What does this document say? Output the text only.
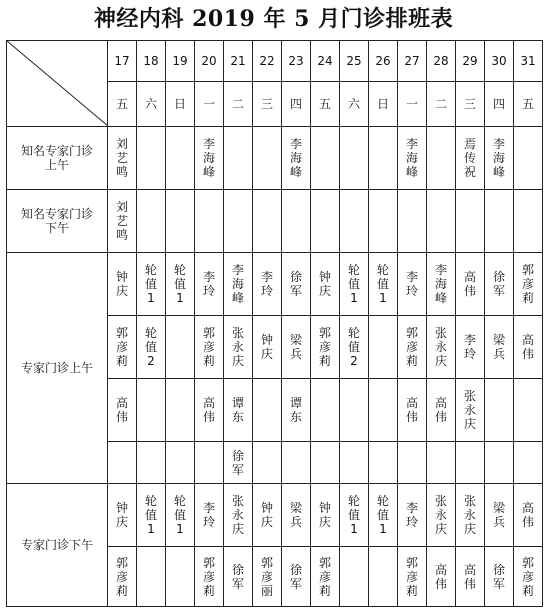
神经内科 2019 年 5 月门诊排班表
	17	18	19	20	21	22	23	24	25	26	27	28	29	30	31
	五	六	日	一	二	三	四	五	六	日	一	二	三	四	五
知名专家门诊上午	刘艺鸣			李海峰			李海峰				李海峰		焉传祝	李海峰	
知名专家门诊下午	刘艺鸣														
专家门诊上午	钟庆	轮值1	轮值1	李玲	李海峰	李玲	徐军	钟庆	轮值1	轮值1	李玲	李海峰	高伟	徐军	郭彦莉
	郭彦莉	轮值2		郭彦莉	张永庆	钟庆	梁兵	郭彦莉	轮值2		郭彦莉	张永庆	李玲	梁兵	高伟
	高伟			高伟	谭东		谭东				高伟	高伟	张永庆		
					徐军										
专家门诊下午	钟庆	轮值1	轮值1	李玲	张永庆	钟庆	梁兵	钟庆	轮值1	轮值1	李玲	张永庆	张永庆	梁兵	高伟
	郭彦莉			郭彦莉	徐军	郭彦丽	徐军	郭彦莉			郭彦莉	高伟	高伟	徐军	郭彦莉
